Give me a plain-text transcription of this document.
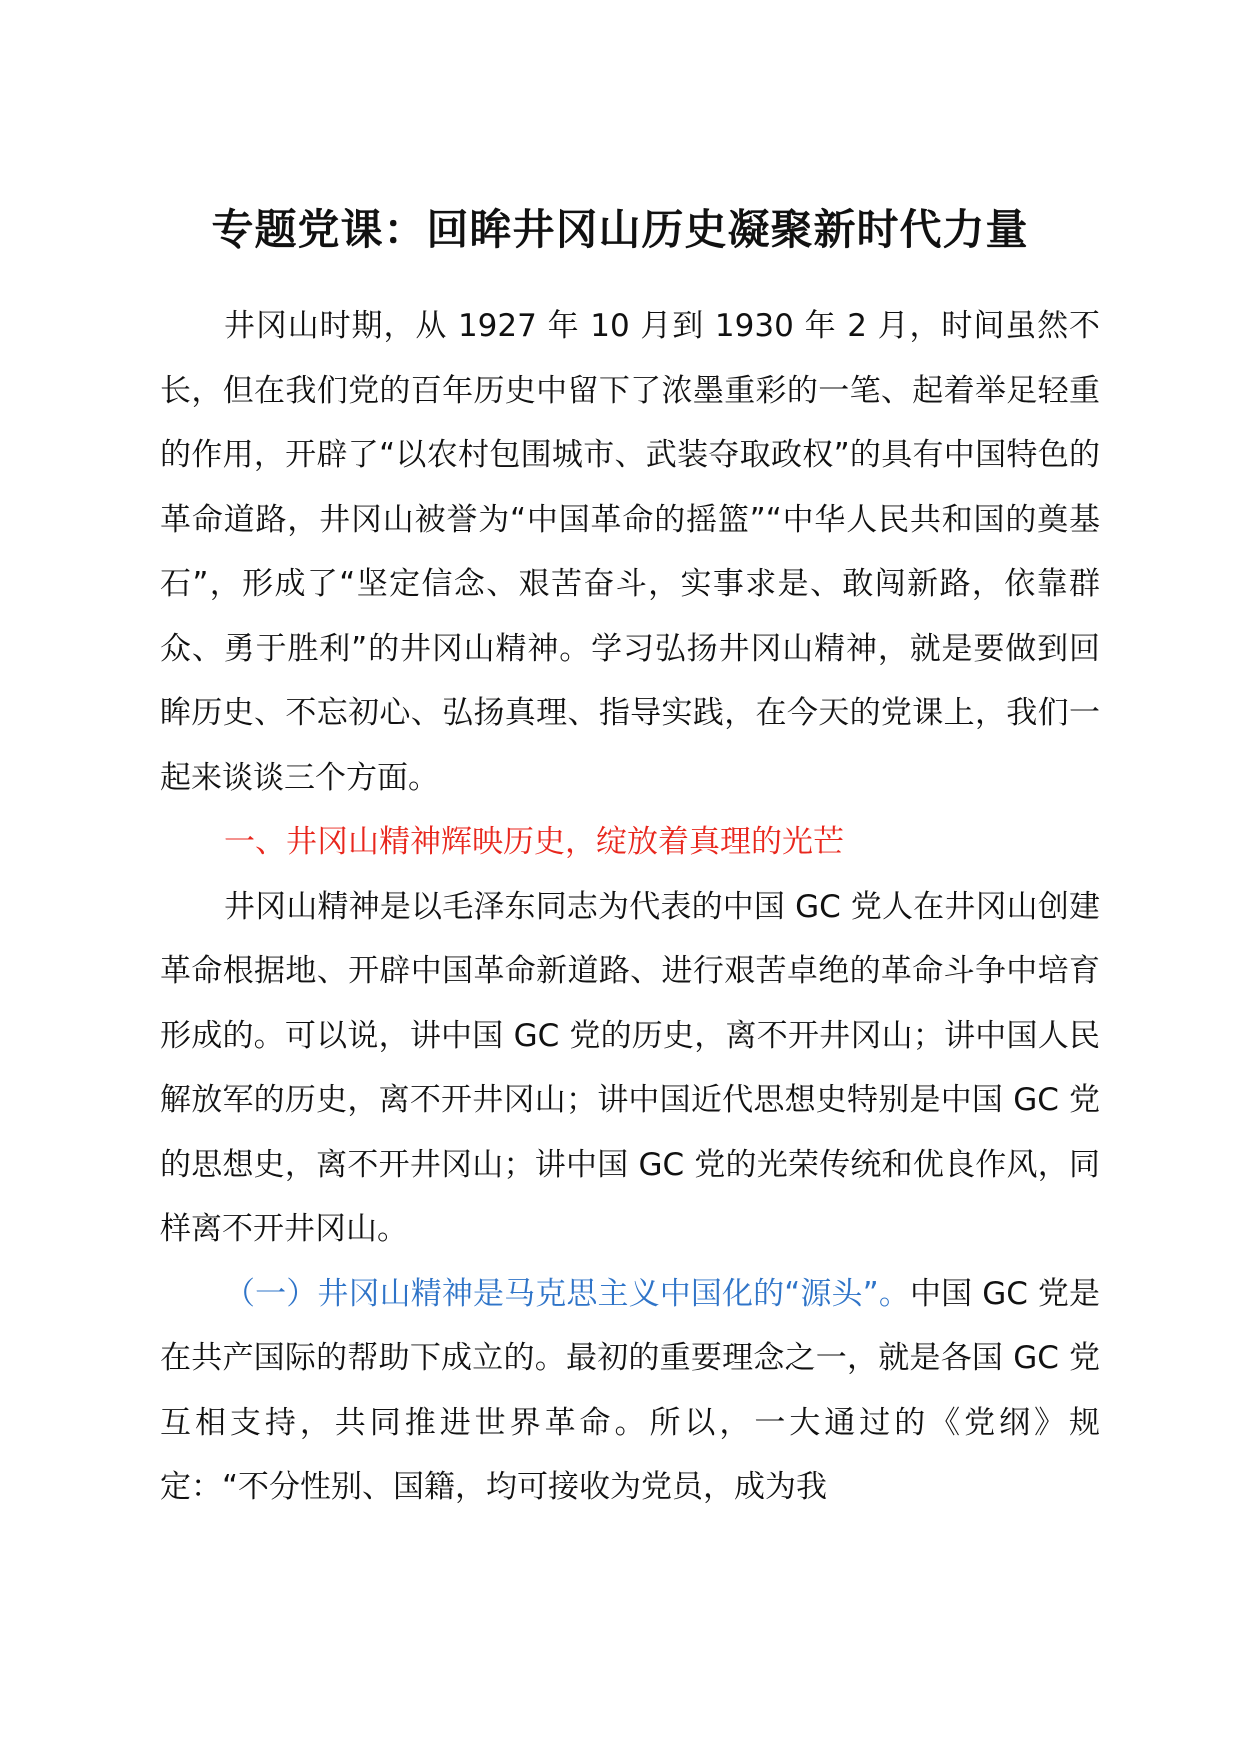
专题党课：回眸井冈山历史凝聚新时代力量

井冈山时期，从 1927 年 10 月到 1930 年 2 月，时间虽然不长，但在我们党的百年历史中留下了浓墨重彩的一笔、起着举足轻重的作用，开辟了“以农村包围城市、武装夺取政权”的具有中国特色的革命道路，井冈山被誉为“中国革命的摇篮”“中华人民共和国的奠基石”，形成了“坚定信念、艰苦奋斗，实事求是、敢闯新路，依靠群众、勇于胜利”的井冈山精神。学习弘扬井冈山精神，就是要做到回眸历史、不忘初心、弘扬真理、指导实践，在今天的党课上，我们一起来谈谈三个方面。

一、井冈山精神辉映历史，绽放着真理的光芒

井冈山精神是以毛泽东同志为代表的中国 GC 党人在井冈山创建革命根据地、开辟中国革命新道路、进行艰苦卓绝的革命斗争中培育形成的。可以说，讲中国 GC 党的历史，离不开井冈山；讲中国人民解放军的历史，离不开井冈山；讲中国近代思想史特别是中国 GC 党的思想史，离不开井冈山；讲中国 GC 党的光荣传统和优良作风，同样离不开井冈山。

（一）井冈山精神是马克思主义中国化的“源头”。中国 GC 党是在共产国际的帮助下成立的。最初的重要理念之一，就是各国 GC 党互相支持，共同推进世界革命。所以，一大通过的《党纲》规定：“不分性别、国籍，均可接收为党员，成为我
